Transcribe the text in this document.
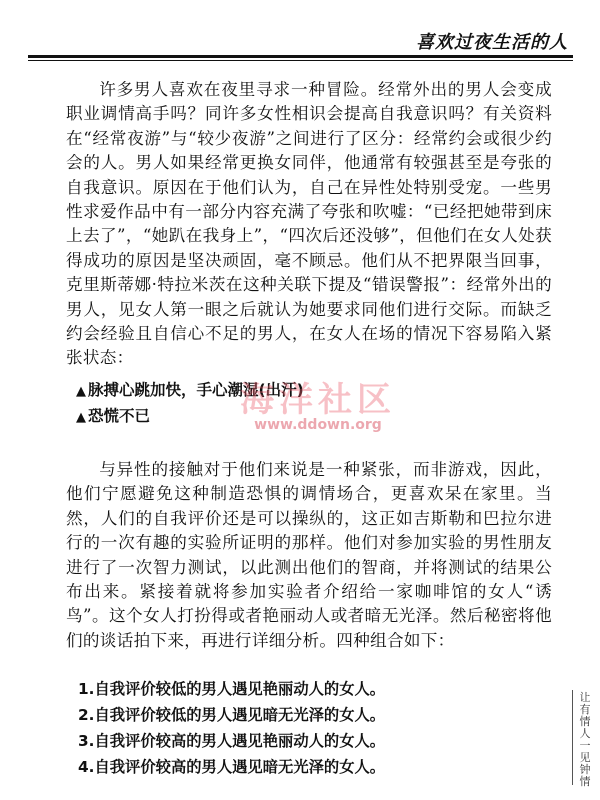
喜欢过夜生活的人

许多男人喜欢在夜里寻求一种冒险。经常外出的男人会变成职业调情高手吗？同许多女性相识会提高自我意识吗？有关资料在“经常夜游”与“较少夜游”之间进行了区分：经常约会或很少约会的人。男人如果经常更换女同伴，他通常有较强甚至是夸张的自我意识。原因在于他们认为，自己在异性处特别受宠。一些男性求爱作品中有一部分内容充满了夸张和吹嘘：“已经把她带到床上去了”，“她趴在我身上”，“四次后还没够”，但他们在女人处获得成功的原因是坚决顽固，毫不顾忌。他们从不把界限当回事，克里斯蒂娜·特拉米茨在这种关联下提及“错误警报”：经常外出的男人，见女人第一眼之后就认为她要求同他们进行交际。而缺乏约会经验且自信心不足的男人，在女人在场的情况下容易陷入紧张状态：

▲ 脉搏心跳加快，手心潮湿(出汗)
▲ 恐慌不已	海洋社区
www.ddown.org

与异性的接触对于他们来说是一种紧张，而非游戏，因此，他们宁愿避免这种制造恐惧的调情场合，更喜欢呆在家里。当然，人们的自我评价还是可以操纵的，这正如吉斯勒和巴拉尔进行的一次有趣的实验所证明的那样。他们对参加实验的男性朋友进行了一次智力测试，以此测出他们的智商，并将测试的结果公布出来。紧接着就将参加实验者介绍给一家咖啡馆的女人“诱鸟”。这个女人打扮得或者艳丽动人或者暗无光泽。然后秘密将他们的谈话拍下来，再进行详细分析。四种组合如下：

1.自我评价较低的男人遇见艳丽动人的女人。
2.自我评价较低的男人遇见暗无光泽的女人。
3.自我评价较高的男人遇见艳丽动人的女人。
4.自我评价较高的男人遇见暗无光泽的女人。
让有情人一见钟情
